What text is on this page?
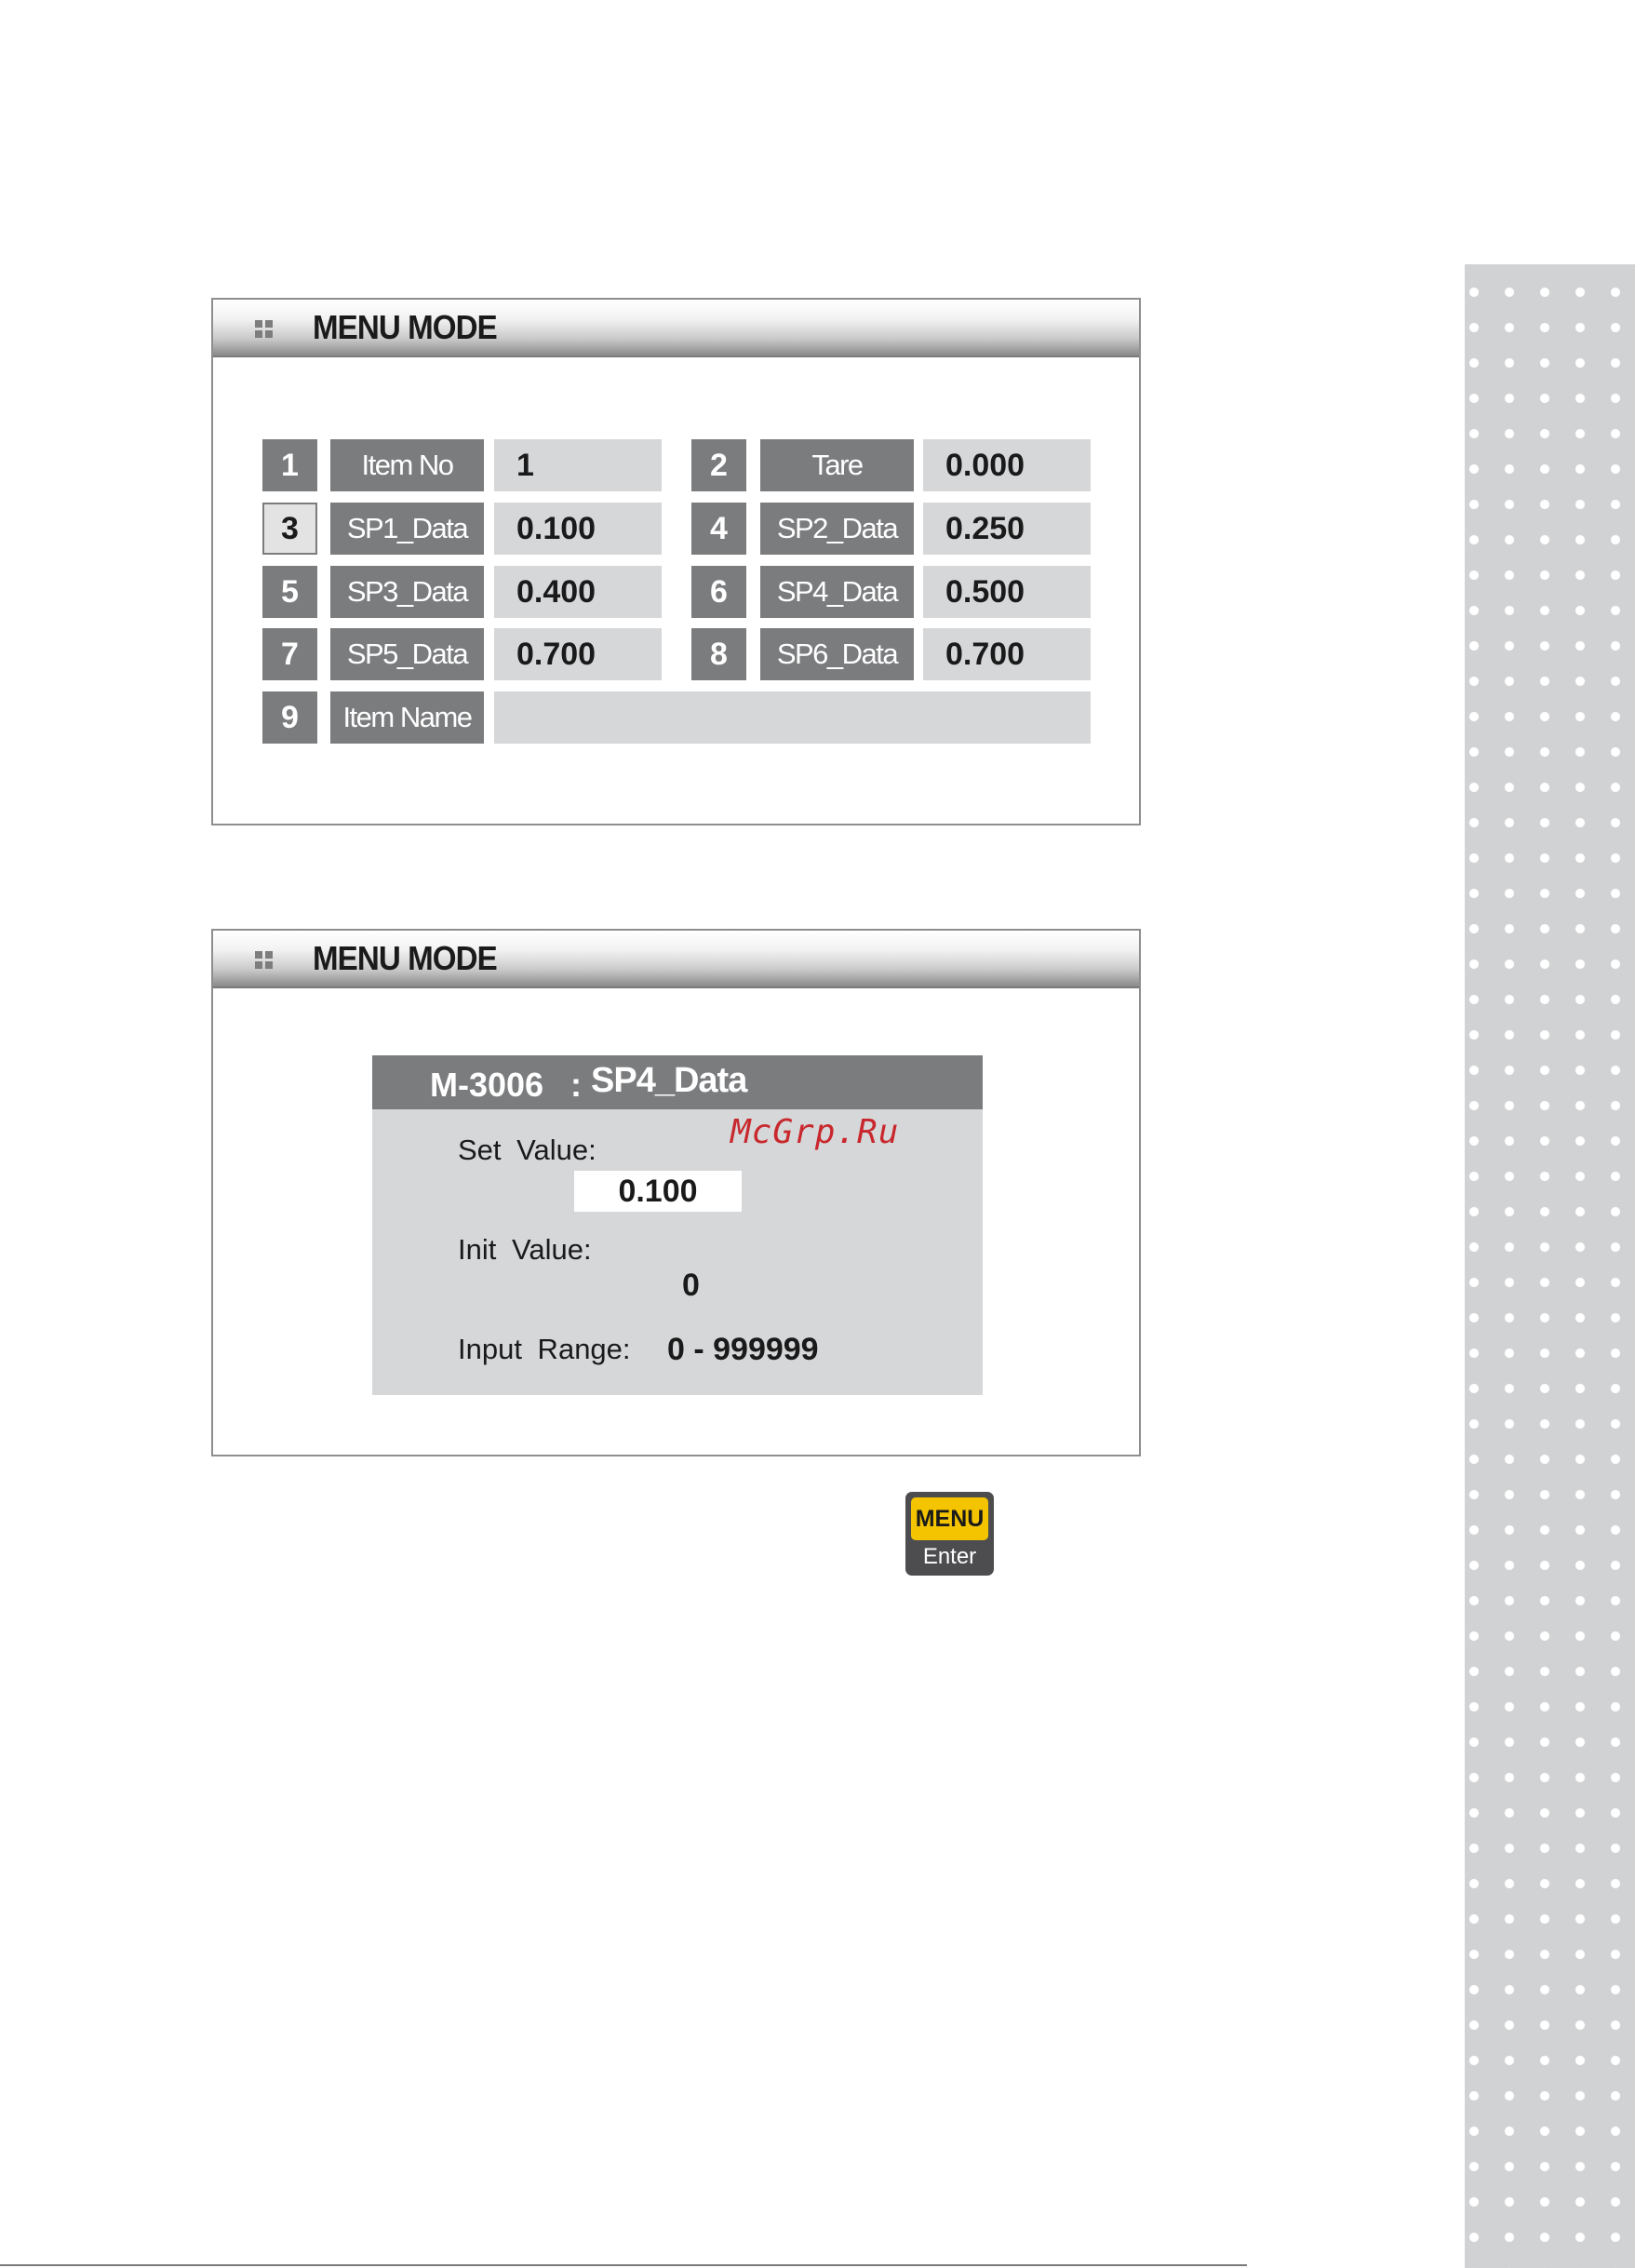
MENU MODE
1	Item No	1	2	Tare	0.000
3	SP1_Data	0.100	4	SP2_Data	0.250
5	SP3_Data	0.400	6	SP4_Data	0.500
7	SP5_Data	0.700	8	SP6_Data	0.700
9	Item Name
MENU MODE
M-3006 : SP4_Data
Set Value:
0.100
Init Value:
0
Input Range: 0 - 999999
McGrp.Ru
MENU
Enter
